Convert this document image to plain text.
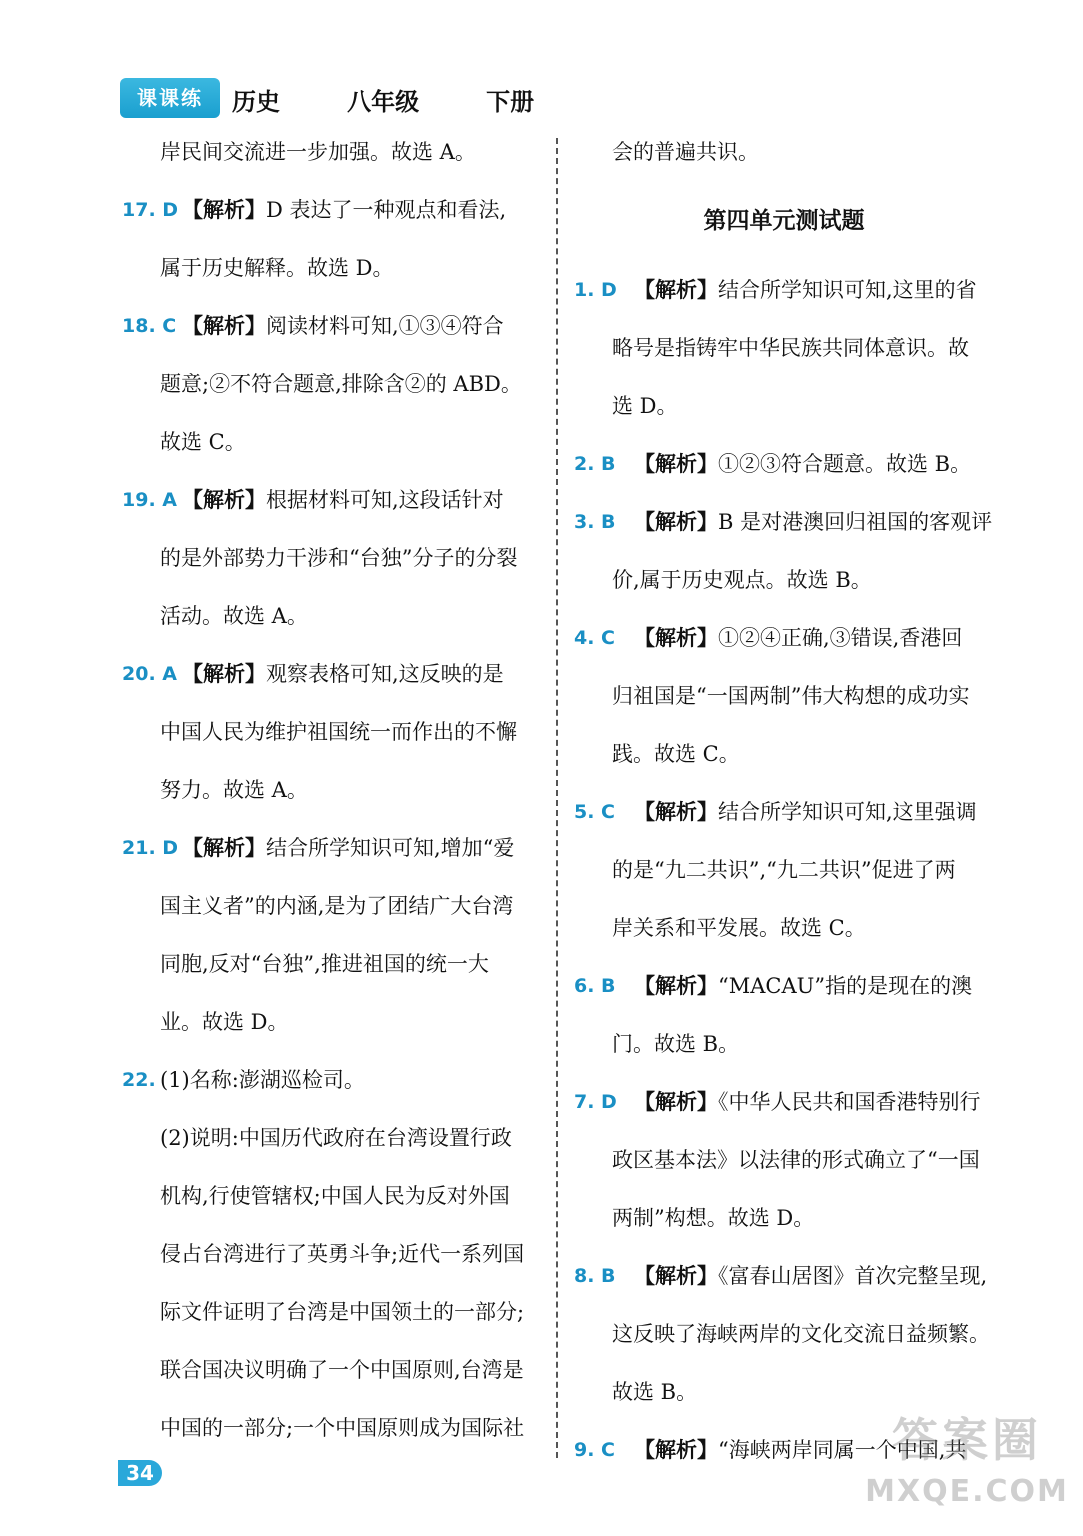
课课练	历史   八年级   下册
岸民间交流进一步加强。故选 A。
17. D 【解析】D 表达了一种观点和看法,
属于历史解释。故选 D。
18. C 【解析】阅读材料可知,①③④符合
题意;②不符合题意,排除含②的 ABD。
故选 C。
19. A 【解析】根据材料可知,这段话针对
的是外部势力干涉和“台独”分子的分裂
活动。故选 A。
20. A 【解析】观察表格可知,这反映的是
中国人民为维护祖国统一而作出的不懈
努力。故选 A。
21. D 【解析】结合所学知识可知,增加“爱
国主义者”的内涵,是为了团结广大台湾
同胞,反对“台独”,推进祖国的统一大
业。故选 D。
22. (1)名称:澎湖巡检司。
(2)说明:中国历代政府在台湾设置行政
机构,行使管辖权;中国人民为反对外国
侵占台湾进行了英勇斗争;近代一系列国
际文件证明了台湾是中国领土的一部分;
联合国决议明确了一个中国原则,台湾是
中国的一部分;一个中国原则成为国际社
会的普遍共识。
第四单元测试题
1. D 【解析】结合所学知识可知,这里的省
略号是指铸牢中华民族共同体意识。故
选 D。
2. B 【解析】①②③符合题意。故选 B。
3. B 【解析】B 是对港澳回归祖国的客观评
价,属于历史观点。故选 B。
4. C 【解析】①②④正确,③错误,香港回
归祖国是“一国两制”伟大构想的成功实
践。故选 C。
5. C 【解析】结合所学知识可知,这里强调
的是“九二共识”,“九二共识”促进了两
岸关系和平发展。故选 C。
6. B 【解析】“MACAU”指的是现在的澳
门。故选 B。
7. D 【解析】《中华人民共和国香港特别行
政区基本法》以法律的形式确立了“一国
两制”构想。故选 D。
8. B 【解析】《富春山居图》首次完整呈现,
这反映了海峡两岸的文化交流日益频繁。
故选 B。
9. C 【解析】“海峡两岸同属一个中国,共
34
答案圈
MXQE.COM
